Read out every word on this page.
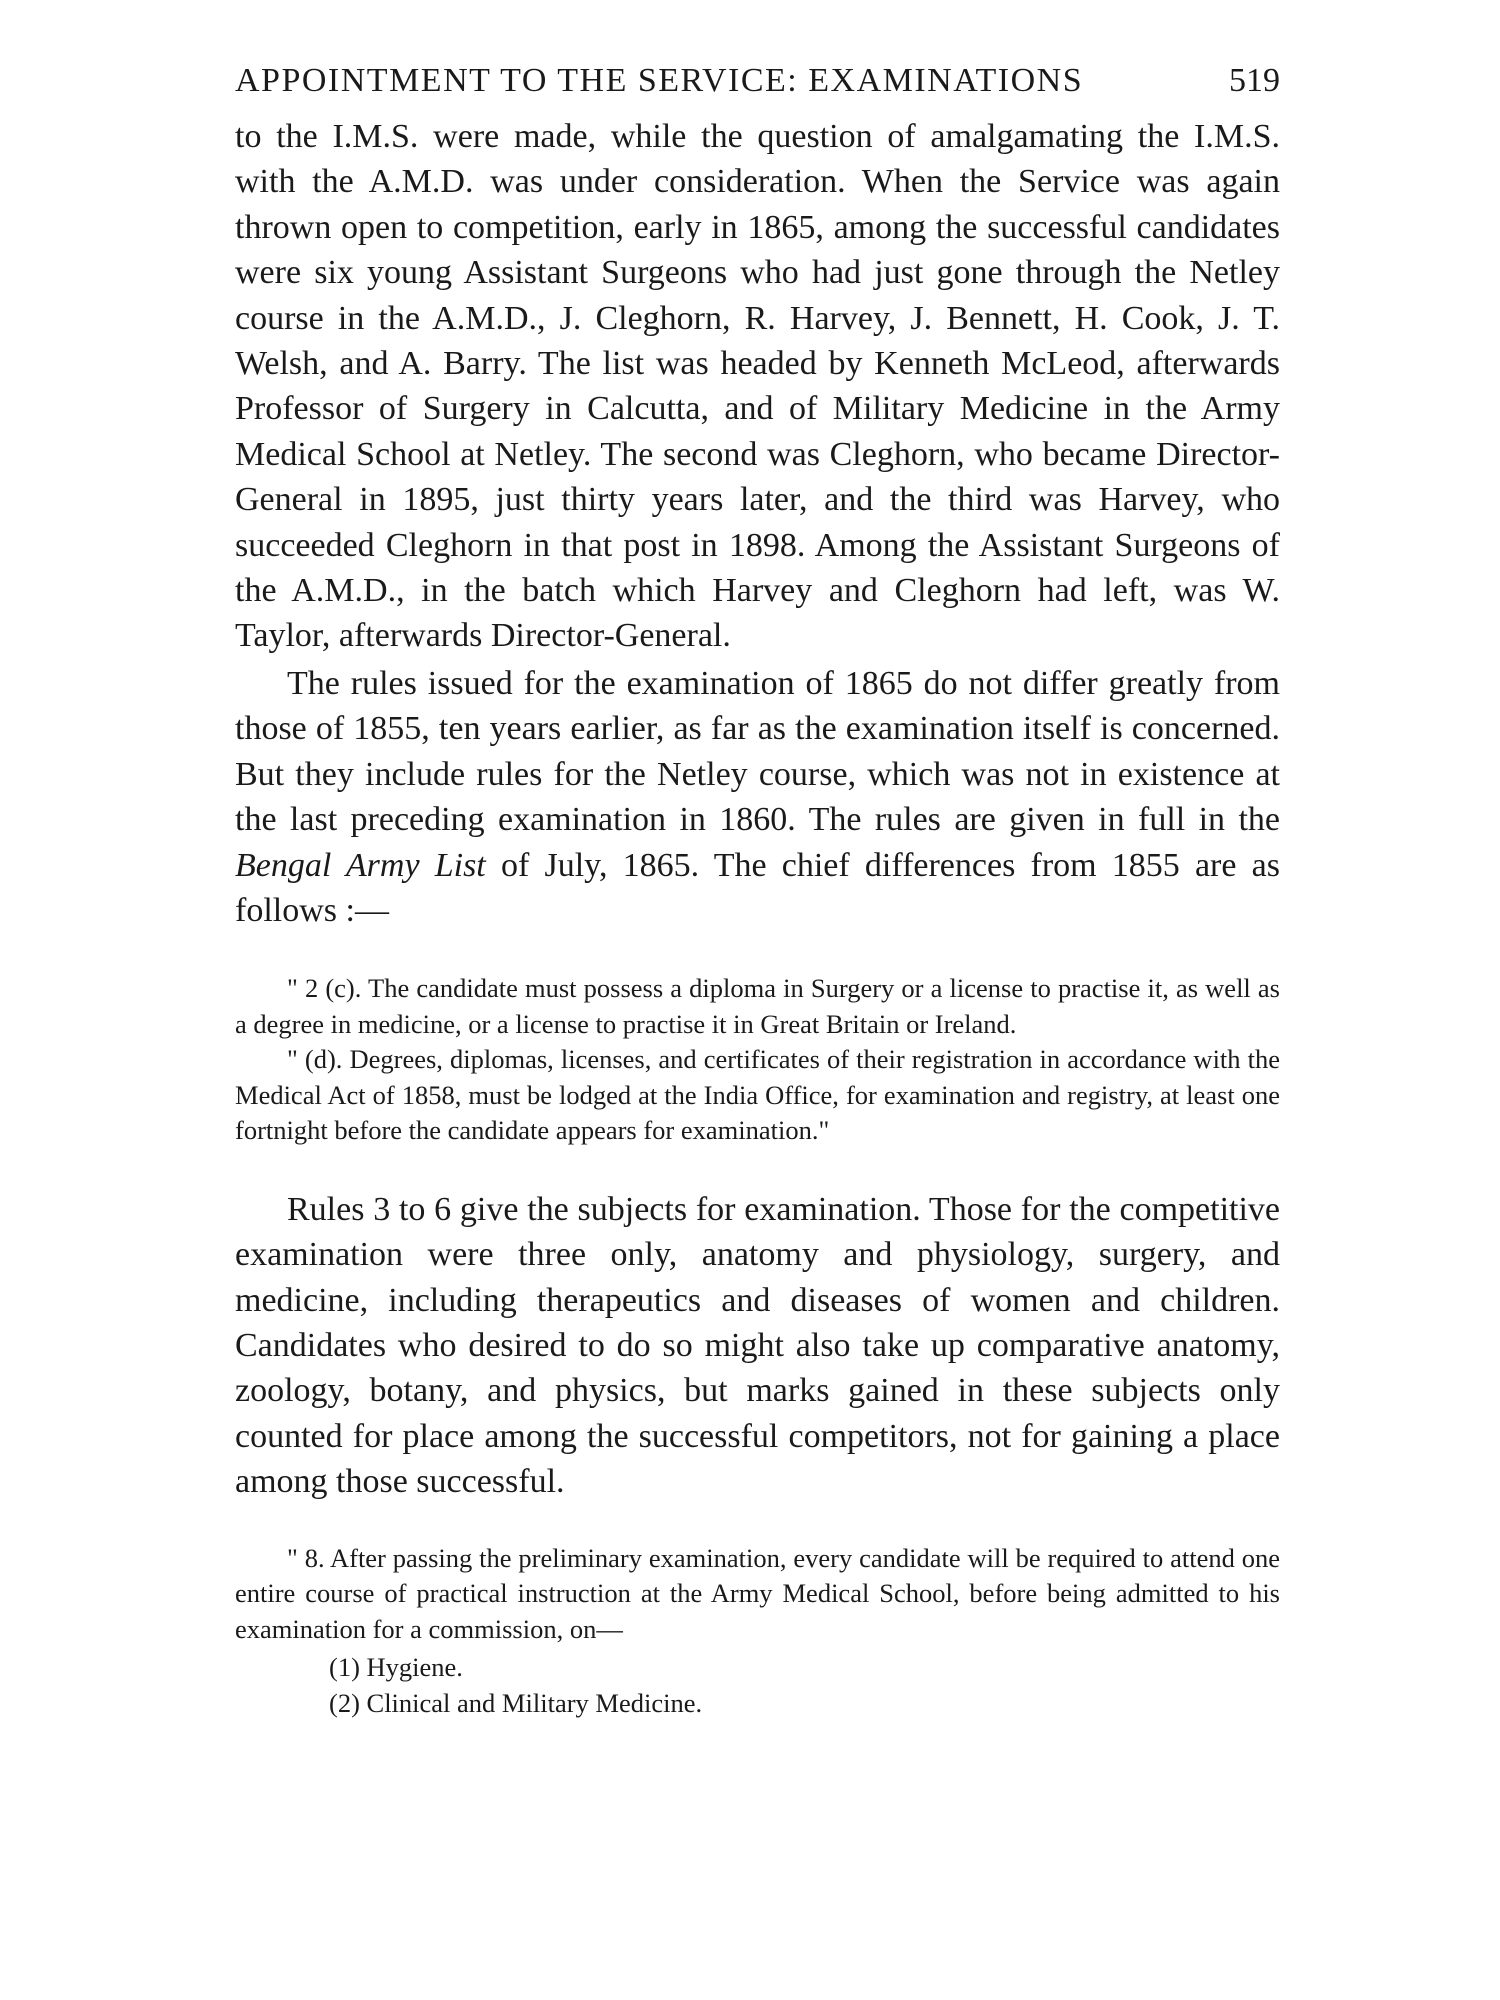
APPOINTMENT TO THE SERVICE: EXAMINATIONS	519

to the I.M.S. were made, while the question of amalgamating the I.M.S. with the A.M.D. was under consideration. When the Service was again thrown open to competition, early in 1865, among the successful candidates were six young Assistant Surgeons who had just gone through the Netley course in the A.M.D., J. Cleghorn, R. Harvey, J. Bennett, H. Cook, J. T. Welsh, and A. Barry. The list was headed by Kenneth McLeod, afterwards Professor of Surgery in Calcutta, and of Military Medicine in the Army Medical School at Netley. The second was Cleghorn, who became Director-General in 1895, just thirty years later, and the third was Harvey, who succeeded Cleghorn in that post in 1898. Among the Assistant Surgeons of the A.M.D., in the batch which Harvey and Cleghorn had left, was W. Taylor, afterwards Director-General.

The rules issued for the examination of 1865 do not differ greatly from those of 1855, ten years earlier, as far as the examination itself is concerned. But they include rules for the Netley course, which was not in existence at the last preceding examination in 1860. The rules are given in full in the Bengal Army List of July, 1865. The chief differences from 1855 are as follows :—

" 2 (c). The candidate must possess a diploma in Surgery or a license to practise it, as well as a degree in medicine, or a license to practise it in Great Britain or Ireland.

" (d). Degrees, diplomas, licenses, and certificates of their registration in accordance with the Medical Act of 1858, must be lodged at the India Office, for examination and registry, at least one fortnight before the candidate appears for examination."

Rules 3 to 6 give the subjects for examination. Those for the competitive examination were three only, anatomy and physiology, surgery, and medicine, including therapeutics and diseases of women and children. Candidates who desired to do so might also take up comparative anatomy, zoology, botany, and physics, but marks gained in these subjects only counted for place among the successful competitors, not for gaining a place among those successful.

" 8. After passing the preliminary examination, every candidate will be required to attend one entire course of practical instruction at the Army Medical School, before being admitted to his examination for a commission, on—

(1) Hygiene.
(2) Clinical and Military Medicine.
